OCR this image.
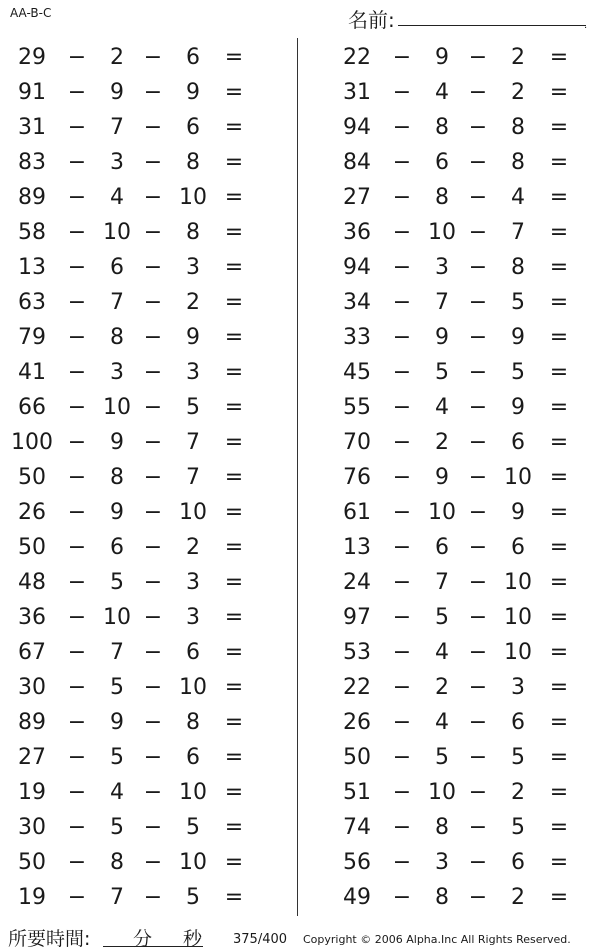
AA-B-C	名前:	.
29 −	2 −	6	=
91 −	9 −	9	=
31 −	7 −	6	=
83 −	3 −	8	=
89 −	4 − 10 =
58 − 10 −	8	=
13 −	6 −	3	=
63 −	7 −	2	=
79 −	8 −	9	=
41 −	3 −	3	=
66 − 10 −	5	=
100 −	9 −	7	=
50 −	8 −	7	=
26 −	9 − 10 =
50 −	6 −	2	=
48 −	5 −	3	=
36 − 10 −	3	=
67 −	7 −	6	=
30 −	5 − 10 =
89 −	9 −	8	=
27 −	5 −	6	=
19 −	4 − 10 =
30 −	5 −	5	=
50 −	8 − 10 =
19 −	7 −	5	=
22 −	9 −	2	=
31 −	4 −	2	=
94 −	8 −	8	=
84 −	6 −	8	=
27 −	8 −	4	=
36 − 10 −	7	=
94 −	3 −	8	=
34 −	7 −	5	=
33 −	9 −	9	=
45 −	5 −	5	=
55 −	4 −	9	=
70 −	2 −	6	=
76 −	9 − 10 =
61 − 10 −	9	=
13 −	6 −	6	=
24 −	7 − 10 =
97 −	5 − 10 =
53 −	4 − 10 =
22 −	2 −	3	=
26 −	4 −	6	=
50 −	5 −	5	=
51 − 10 −	2	=
74 −	8 −	5	=
56 −	3 −	6	=
49 −	8 −	2	=
所要時間: 分 秒 375/400 Copyright © 2006 Alpha.Inc All Rights Reserved.
